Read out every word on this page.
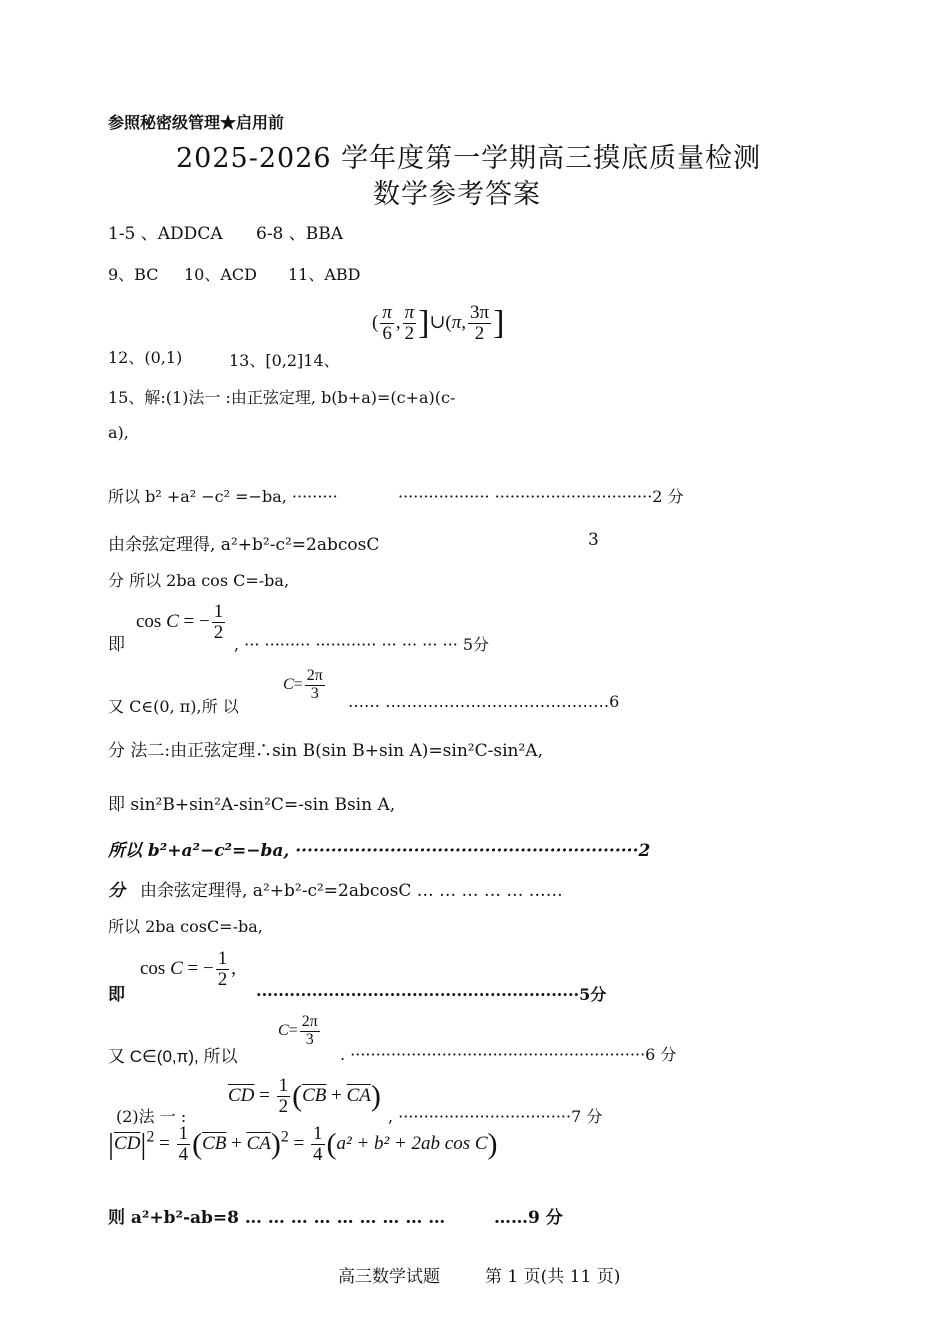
参照秘密级管理★启用前
2025-2026 学年度第一学期高三摸底质量检测
数学参考答案
1-5 、ADDCA 6-8 、BBA
9、BC 10、ACD 11、ABD
12、(0,1)	13、[0,2]14、
( $\frac{\pi}{6}$ , $\frac{\pi}{2}$ ]∪(π, $\frac{3\pi}{2}$ ]
15、解:(1)法一 :由正弦定理, b(b+a)=(c+a)(c-
a),
所以 b² +a² −c² =−ba, ·········	·················· ·······························2 分
由余弦定理得, a²+b²-c²=2abcosC	3
分 所以 2ba cos C=-ba,
即
cos C = − $\frac{1}{2}$
, ··· ········· ············ ··· ··· ··· ··· 5分
又 C∈(0, π),所 以
$C= \frac{2\pi}{3}$ …… ……………………………………6
分 法二:由正弦定理∴sin B(sin B+sin A)=sin²C-sin²A,
即 sin²B+sin²A-sin²C=-sin Bsin A,
所以 b²+a²−c²=−ba, ··························································2
分 由余弦定理得, a²+b²-c²=2abcosC … … … … … ……
所以 2ba cosC=-ba,
即
cos C = − $\frac{1}{2}$ ,
··························································5分
又 C∈(0,π), 所以
$C= \frac{2\pi}{3}$
. ··························································6 分
(2)法 一 :
$\overline{CD} = \frac{1}{2} (\overline{CB} + \overline{CA})$
, ··································7 分
$|\overline{CD}|^2 = \frac{1}{4} (\overline{CB} + \overline{CA})^2 = \frac{1}{4} (a^2 + b^2 + 2ab$ cos C)
则 a²+b²-ab=8 … … … … … … … … …	……9 分
高三数学试题	第 1 页(共 11 页)
